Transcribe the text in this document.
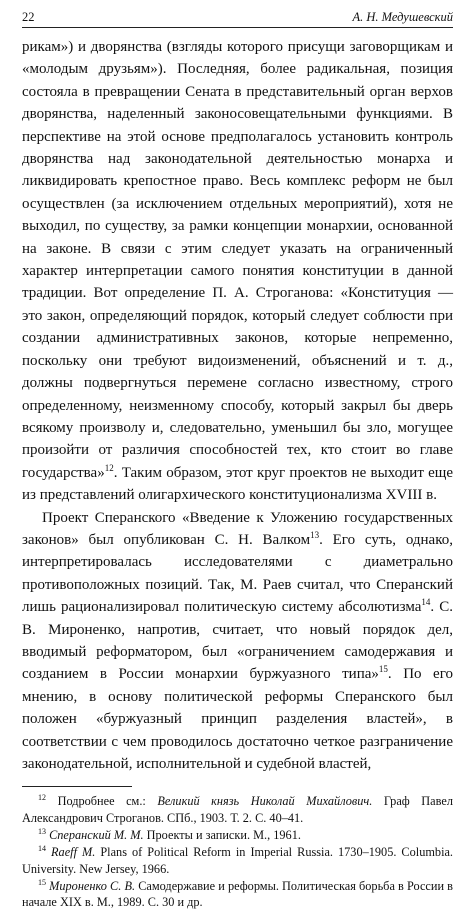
22	А. Н. Медушевский

рикам») и дворянства (взгляды которого присущи заговорщикам и «молодым друзьям»). Последняя, более радикальная, позиция состояла в превращении Сената в представительный орган верхов дворянства, наделенный законосовещательными функциями. В перспективе на этой основе предполагалось установить контроль дворянства над законодательной деятельностью монарха и ликвидировать крепостное право. Весь комплекс реформ не был осуществлен (за исключением отдельных мероприятий), хотя не выходил, по существу, за рамки концепции монархии, основанной на законе. В связи с этим следует указать на ограниченный характер интерпретации самого понятия конституции в данной традиции. Вот определение П. А. Строганова: «Конституция — это закон, определяющий порядок, который следует соблюсти при создании административных законов, которые непременно, поскольку они требуют видоизменений, объяснений и т. д., должны подвергнуться перемене согласно известному, строго определенному, неизменному способу, который закрыл бы дверь всякому произволу и, следовательно, уменьшил бы зло, могущее произойти от различия способностей тех, кто стоит во главе государства»$^{12}$. Таким образом, этот круг проектов не выходит еще из представлений олигархического конституционализма XVIII в.

Проект Сперанского «Введение к Уложению государственных законов» был опубликован С. Н. Валком$^{13}$. Его суть, однако, интерпретировалась исследователями с диаметрально противоположных позиций. Так, М. Раев считал, что Сперанский лишь рационализировал политическую систему абсолютизма$^{14}$. С. В. Мироненко, напротив, считает, что новый порядок дел, вводимый реформатором, был «ограничением самодержавия и созданием в России монархии буржуазного типа»$^{15}$. По его мнению, в основу политической реформы Сперанского был положен «буржуазный принцип разделения властей», в соответствии с чем проводилось достаточно четкое разграничение законодательной, исполнительной и судебной властей,

$^{12}$ Подробнее см.: Великий князь Николай Михайлович. Граф Павел Александрович Строганов. СПб., 1903. Т. 2. С. 40–41.

$^{13}$ Сперанский М. М. Проекты и записки. М., 1961.

$^{14}$ Raeff M. Plans of Political Reform in Imperial Russia. 1730–1905. Columbia. University. New Jersey, 1966.

$^{15}$ Мироненко С. В. Самодержавие и реформы. Политическая борьба в России в начале XIX в. М., 1989. С. 30 и др.
